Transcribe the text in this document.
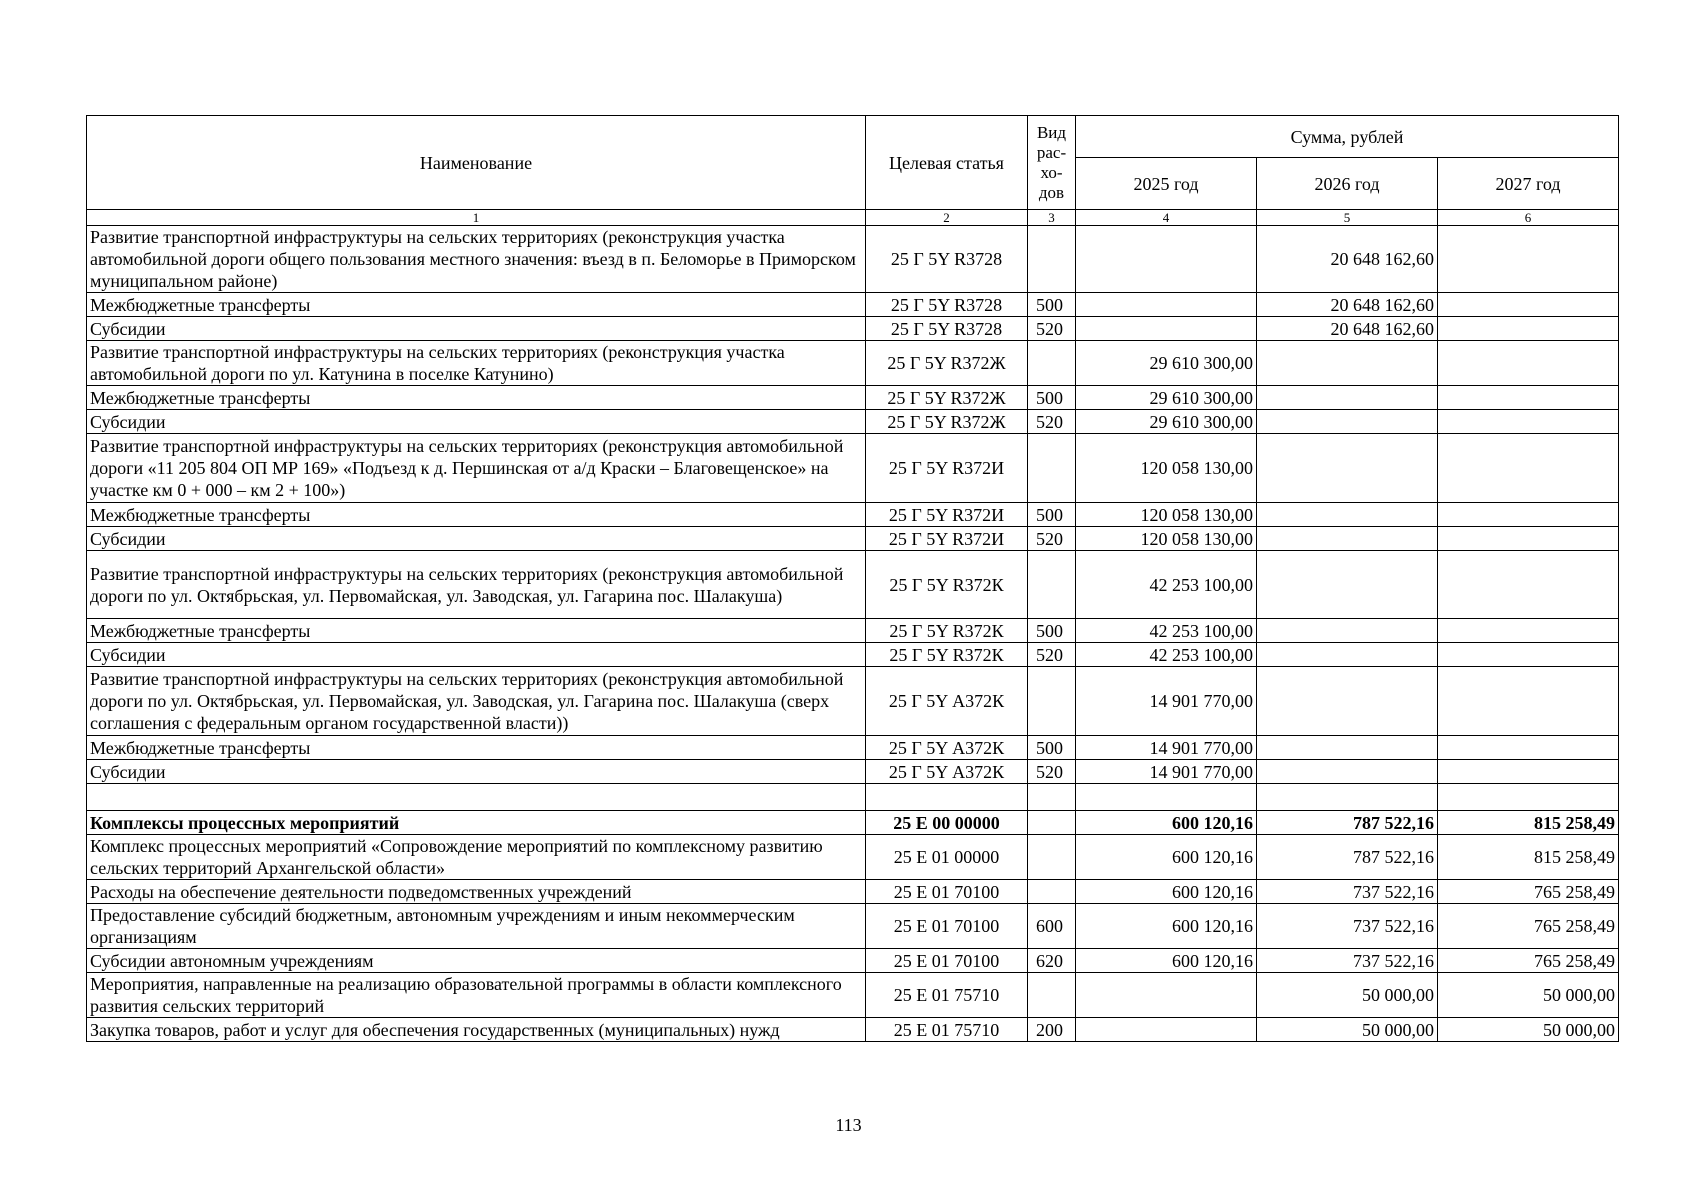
Наименование	Целевая статья	Вид рас-хо-дов	Сумма, рублей		
			2025 год	2026 год	2027 год
1	2	3	4	5	6
Развитие транспортной инфраструктуры на сельских территориях (реконструкция участка автомобильной дороги общего пользования местного значения: въезд в п. Беломорье в Приморском муниципальном районе)	25 Г 5Y R3728			20 648 162,60	
Межбюджетные трансферты	25 Г 5Y R3728	500		20 648 162,60	
Субсидии	25 Г 5Y R3728	520		20 648 162,60	
Развитие транспортной инфраструктуры на сельских территориях (реконструкция участка автомобильной дороги по ул. Катунина в поселке Катунино)	25 Г 5Y R372Ж		29 610 300,00		
Межбюджетные трансферты	25 Г 5Y R372Ж	500	29 610 300,00		
Субсидии	25 Г 5Y R372Ж	520	29 610 300,00		
Развитие транспортной инфраструктуры на сельских территориях (реконструкция автомобильной дороги «11 205 804 ОП МР 169» «Подъезд к д. Першинская от а/д Краски – Благовещенское» на участке км 0 + 000 – км 2 + 100»)	25 Г 5Y R372И		120 058 130,00		
Межбюджетные трансферты	25 Г 5Y R372И	500	120 058 130,00		
Субсидии	25 Г 5Y R372И	520	120 058 130,00		
Развитие транспортной инфраструктуры на сельских территориях (реконструкция автомобильной дороги по ул. Октябрьская, ул. Первомайская, ул. Заводская, ул. Гагарина пос. Шалакуша)	25 Г 5Y R372К		42 253 100,00		
Межбюджетные трансферты	25 Г 5Y R372К	500	42 253 100,00		
Субсидии	25 Г 5Y R372К	520	42 253 100,00		
Развитие транспортной инфраструктуры на сельских территориях (реконструкция автомобильной дороги по ул. Октябрьская, ул. Первомайская, ул. Заводская, ул. Гагарина пос. Шалакуша (сверх соглашения с федеральным органом государственной власти))	25 Г 5Y А372К		14 901 770,00		
Межбюджетные трансферты	25 Г 5Y А372К	500	14 901 770,00		
Субсидии	25 Г 5Y А372К	520	14 901 770,00		

Комплексы процессных мероприятий	25 Е 00 00000		600 120,16	787 522,16	815 258,49
Комплекс процессных мероприятий «Сопровождение мероприятий по комплексному развитию сельских территорий Архангельской области»	25 Е 01 00000		600 120,16	787 522,16	815 258,49
Расходы на обеспечение деятельности подведомственных учреждений	25 Е 01 70100		600 120,16	737 522,16	765 258,49
Предоставление субсидий бюджетным, автономным учреждениям и иным некоммерческим организациям	25 Е 01 70100	600	600 120,16	737 522,16	765 258,49
Субсидии автономным учреждениям	25 Е 01 70100	620	600 120,16	737 522,16	765 258,49
Мероприятия, направленные на реализацию образовательной программы в области комплексного развития сельских территорий	25 Е 01 75710			50 000,00	50 000,00
Закупка товаров, работ и услуг для обеспечения государственных (муниципальных) нужд	25 Е 01 75710	200		50 000,00	50 000,00
113
